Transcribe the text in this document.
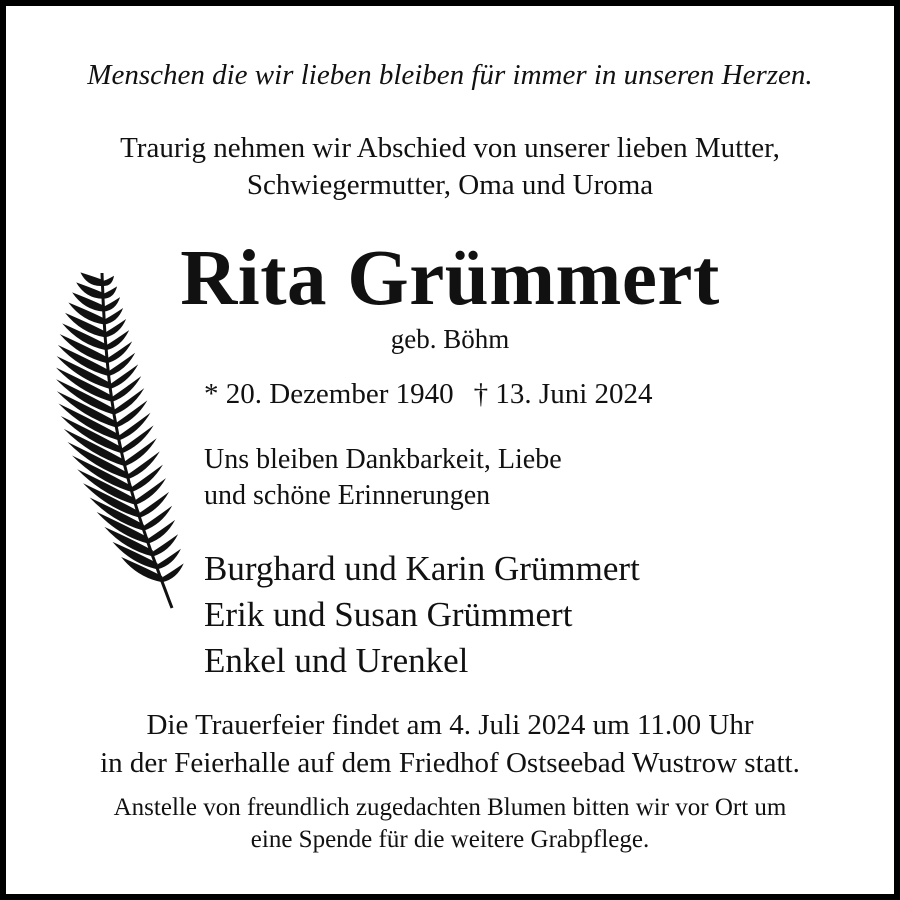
Menschen die wir lieben bleiben für immer in unseren Herzen.
Traurig nehmen wir Abschied von unserer lieben Mutter,
Schwiegermutter, Oma und Uroma
Rita Grümmert
geb. Böhm
* 20. Dezember 1940 † 13. Juni 2024
Uns bleiben Dankbarkeit, Liebe
und schöne Erinnerungen
Burghard und Karin Grümmert
Erik und Susan Grümmert
Enkel und Urenkel
Die Trauerfeier findet am 4. Juli 2024 um 11.00 Uhr
in der Feierhalle auf dem Friedhof Ostseebad Wustrow statt.
Anstelle von freundlich zugedachten Blumen bitten wir vor Ort um
eine Spende für die weitere Grabpflege.
